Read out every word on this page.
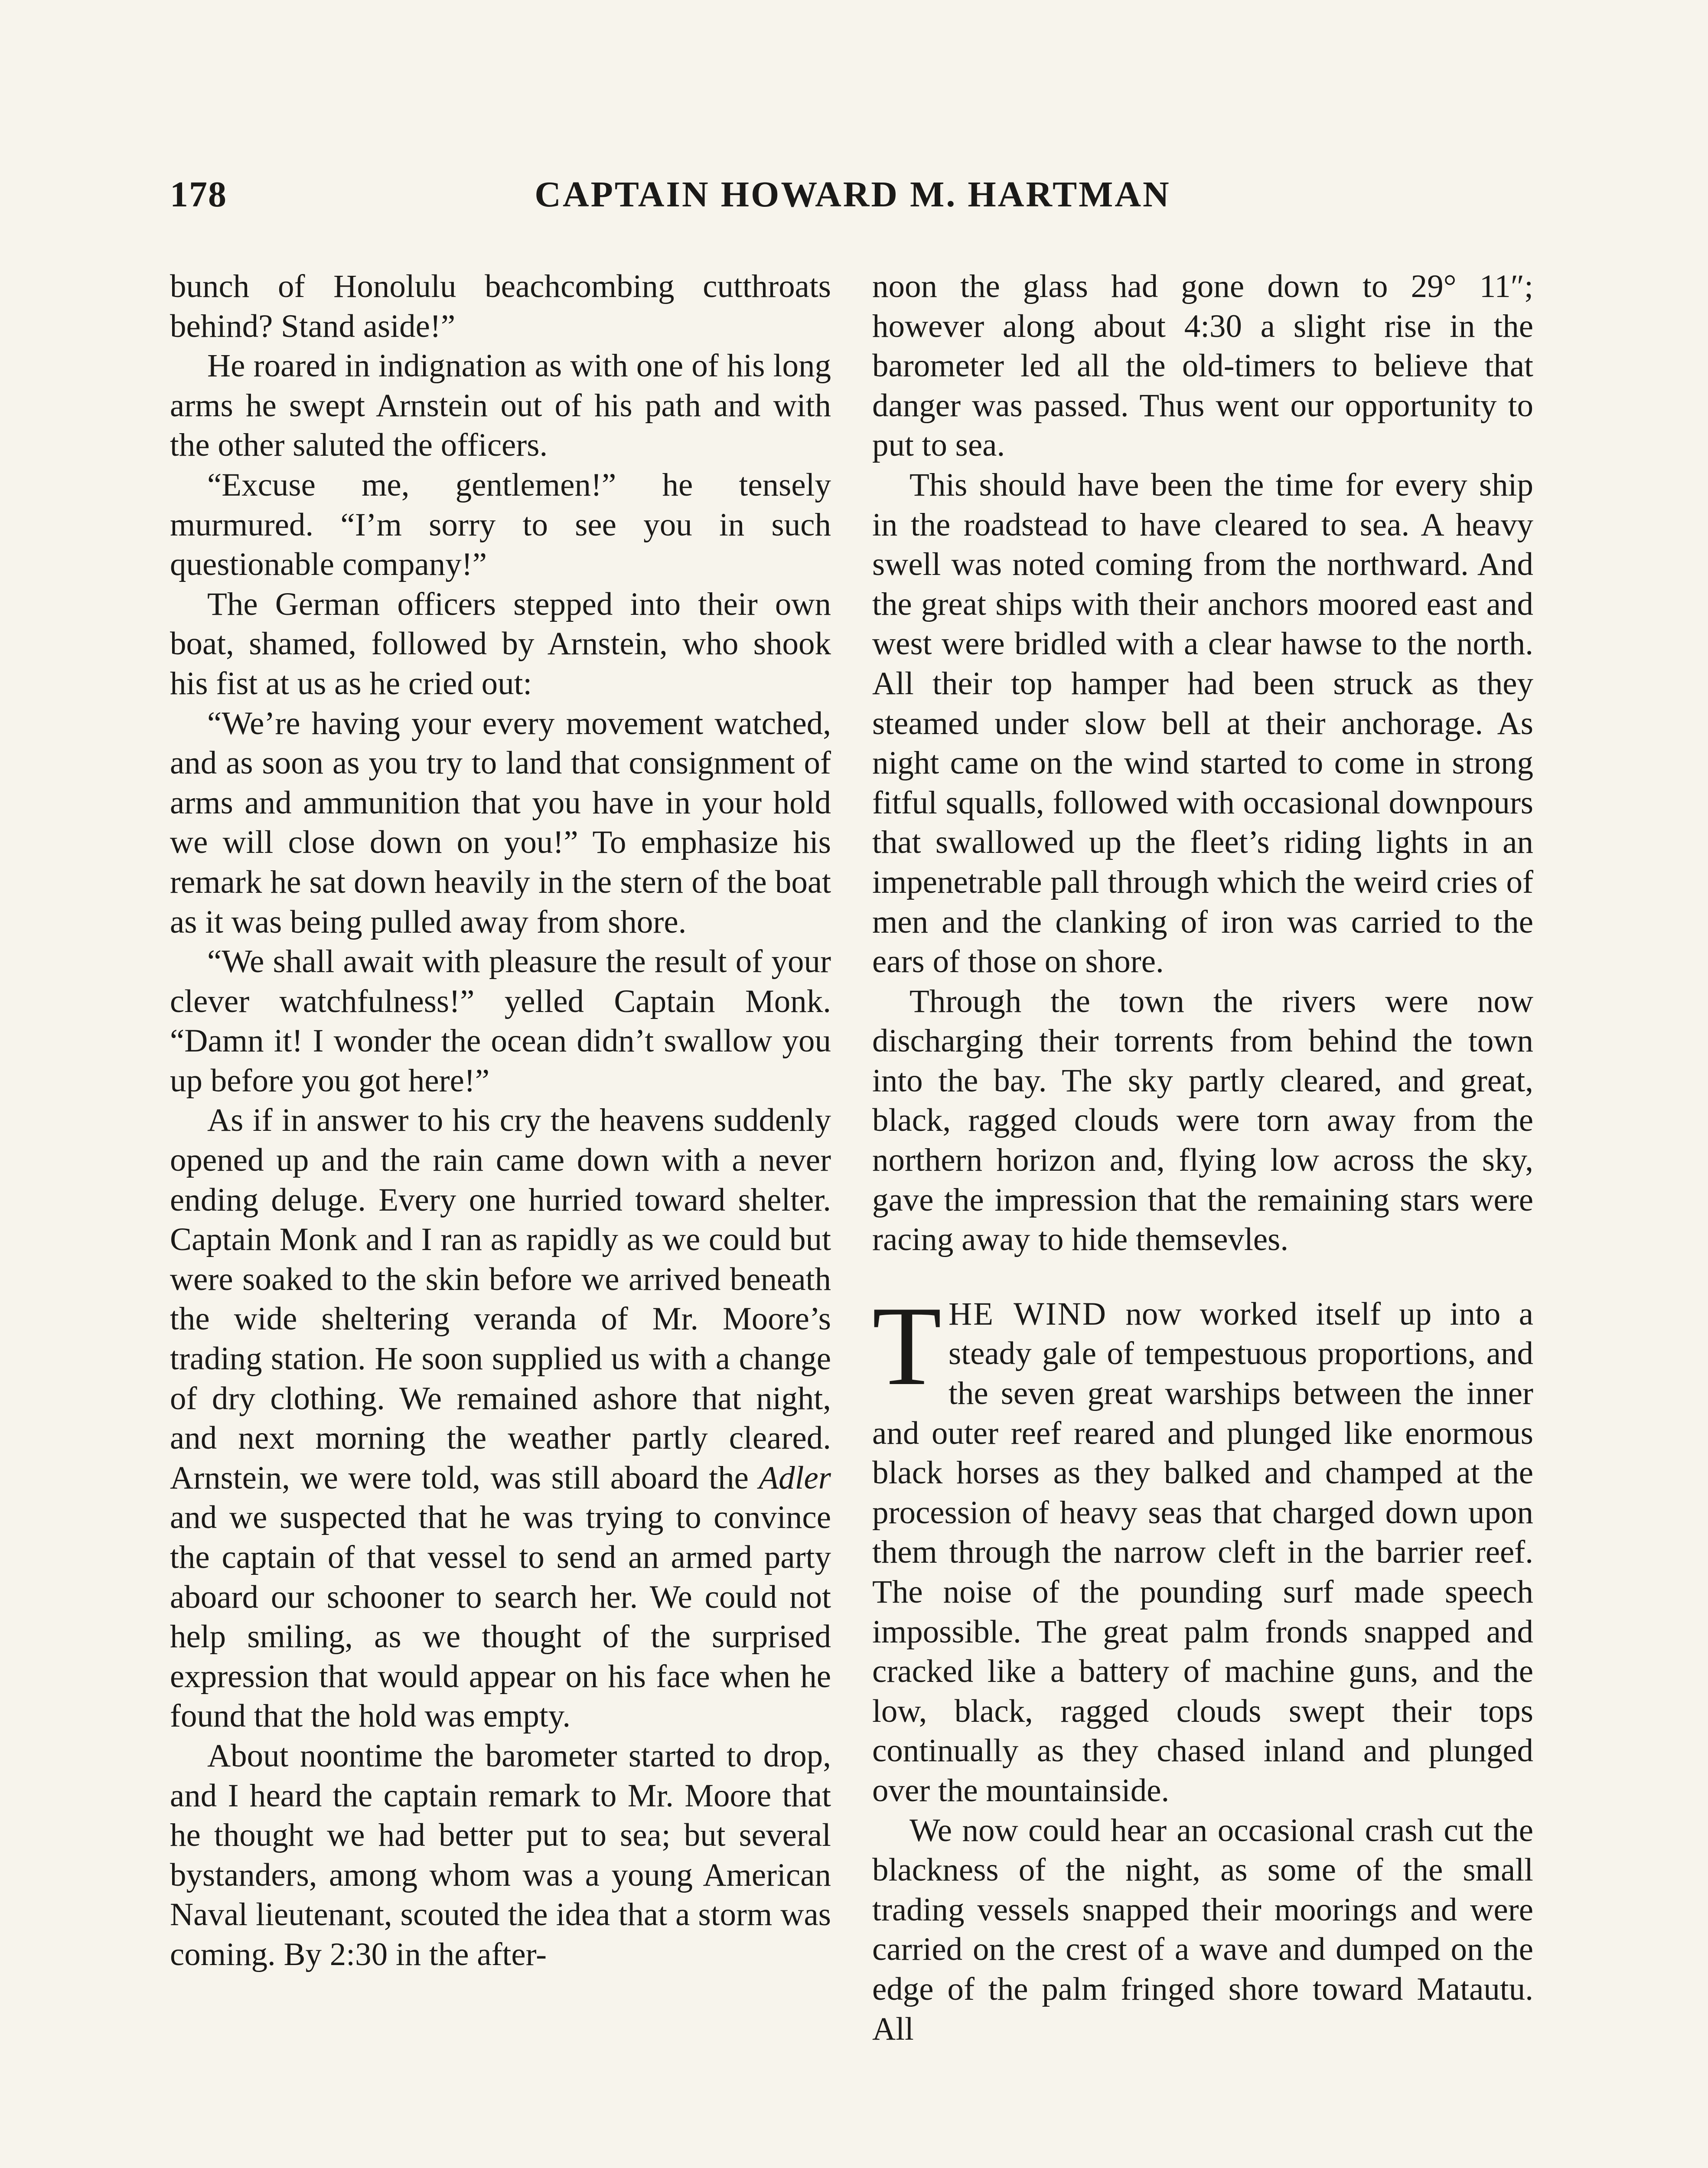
178	CAPTAIN HOWARD M. HARTMAN

bunch of Honolulu beachcombing cutthroats behind? Stand aside!”

He roared in indignation as with one of his long arms he swept Arnstein out of his path and with the other saluted the officers.

“Excuse me, gentlemen!” he tensely murmured. “I’m sorry to see you in such questionable company!”

The German officers stepped into their own boat, shamed, followed by Arnstein, who shook his fist at us as he cried out:

“We’re having your every movement watched, and as soon as you try to land that consignment of arms and ammunition that you have in your hold we will close down on you!” To emphasize his remark he sat down heavily in the stern of the boat as it was being pulled away from shore.

“We shall await with pleasure the result of your clever watchfulness!” yelled Captain Monk. “Damn it! I wonder the ocean didn’t swallow you up before you got here!”

As if in answer to his cry the heavens suddenly opened up and the rain came down with a never ending deluge. Every one hurried toward shelter. Captain Monk and I ran as rapidly as we could but were soaked to the skin before we arrived beneath the wide sheltering veranda of Mr. Moore’s trading station. He soon supplied us with a change of dry clothing. We remained ashore that night, and next morning the weather partly cleared. Arnstein, we were told, was still aboard the Adler and we suspected that he was trying to convince the captain of that vessel to send an armed party aboard our schooner to search her. We could not help smiling, as we thought of the surprised expression that would appear on his face when he found that the hold was empty.

About noontime the barometer started to drop, and I heard the captain remark to Mr. Moore that he thought we had better put to sea; but several bystanders, among whom was a young American Naval lieutenant, scouted the idea that a storm was coming. By 2:30 in the after-

noon the glass had gone down to 29° 11″; however along about 4:30 a slight rise in the barometer led all the old-timers to believe that danger was passed. Thus went our opportunity to put to sea.

This should have been the time for every ship in the roadstead to have cleared to sea. A heavy swell was noted coming from the northward. And the great ships with their anchors moored east and west were bridled with a clear hawse to the north. All their top hamper had been struck as they steamed under slow bell at their anchorage. As night came on the wind started to come in strong fitful squalls, followed with occasional downpours that swallowed up the fleet’s riding lights in an impenetrable pall through which the weird cries of men and the clanking of iron was carried to the ears of those on shore.

Through the town the rivers were now discharging their torrents from behind the town into the bay. The sky partly cleared, and great, black, ragged clouds were torn away from the northern horizon and, flying low across the sky, gave the impression that the remaining stars were racing away to hide themsevles.

THE WIND now worked itself up into a steady gale of tempestuous proportions, and the seven great warships between the inner and outer reef reared and plunged like enormous black horses as they balked and champed at the procession of heavy seas that charged down upon them through the narrow cleft in the barrier reef. The noise of the pounding surf made speech impossible. The great palm fronds snapped and cracked like a battery of machine guns, and the low, black, ragged clouds swept their tops continually as they chased inland and plunged over the mountainside.

We now could hear an occasional crash cut the blackness of the night, as some of the small trading vessels snapped their moorings and were carried on the crest of a wave and dumped on the edge of the palm fringed shore toward Matautu. All
